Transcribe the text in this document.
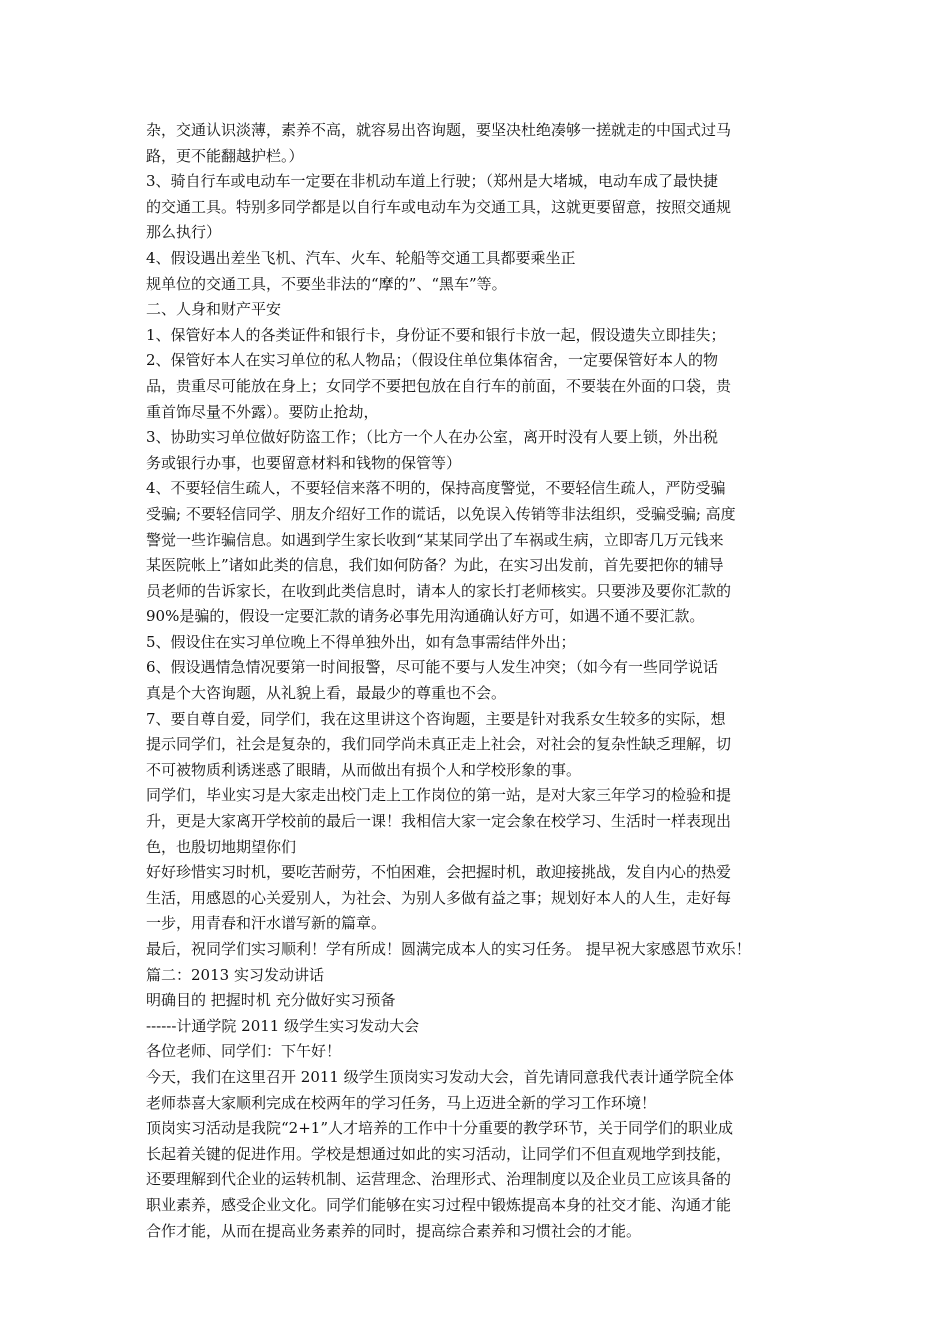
杂，交通认识淡薄，素养不高，就容易出咨询题，要坚决杜绝凑够一搓就走的中国式过马
路，更不能翻越护栏。）
3、骑自行车或电动车一定要在非机动车道上行驶；（郑州是大堵城，电动车成了最快捷
的交通工具。特别多同学都是以自行车或电动车为交通工具，这就更要留意，按照交通规
那么执行）
4、假设遇出差坐飞机、汽车、火车、轮船等交通工具都要乘坐正
规单位的交通工具，不要坐非法的“摩的”、“黑车”等。
二、人身和财产平安
1、保管好本人的各类证件和银行卡，身份证不要和银行卡放一起，假设遗失立即挂失；
2、保管好本人在实习单位的私人物品；（假设住单位集体宿舍，一定要保管好本人的物
品，贵重尽可能放在身上；女同学不要把包放在自行车的前面，不要装在外面的口袋，贵
重首饰尽量不外露）。要防止抢劫，
3、协助实习单位做好防盗工作；（比方一个人在办公室，离开时没有人要上锁，外出税
务或银行办事，也要留意材料和钱物的保管等）
4、不要轻信生疏人，不要轻信来落不明的，保持高度警觉，不要轻信生疏人，严防受骗
受骗; 不要轻信同学、朋友介绍好工作的谎话，以免误入传销等非法组织，受骗受骗; 高度
警觉一些诈骗信息。如遇到学生家长收到“某某同学出了车祸或生病，立即寄几万元钱来
某医院帐上”诸如此类的信息，我们如何防备？为此，在实习出发前，首先要把你的辅导
员老师的告诉家长，在收到此类信息时，请本人的家长打老师核实。只要涉及要你汇款的
90%是骗的，假设一定要汇款的请务必事先用沟通确认好方可，如遇不通不要汇款。
5、假设住在实习单位晚上不得单独外出，如有急事需结伴外出；
6、假设遇情急情况要第一时间报警，尽可能不要与人发生冲突；（如今有一些同学说话
真是个大咨询题，从礼貌上看，最最少的尊重也不会。
7、要自尊自爱，同学们，我在这里讲这个咨询题，主要是针对我系女生较多的实际，想
提示同学们，社会是复杂的，我们同学尚未真正走上社会，对社会的复杂性缺乏理解，切
不可被物质利诱迷惑了眼睛，从而做出有损个人和学校形象的事。
同学们，毕业实习是大家走出校门走上工作岗位的第一站，是对大家三年学习的检验和提
升，更是大家离开学校前的最后一课！我相信大家一定会象在校学习、生活时一样表现出
色，也殷切地期望你们
好好珍惜实习时机，要吃苦耐劳，不怕困难，会把握时机，敢迎接挑战，发自内心的热爱
生活，用感恩的心关爱别人，为社会、为别人多做有益之事；规划好本人的人生，走好每
一步，用青春和汗水谱写新的篇章。
最后，祝同学们实习顺利！学有所成！圆满完成本人的实习任务。 提早祝大家感恩节欢乐！
篇二：2013 实习发动讲话
明确目的 把握时机 充分做好实习预备
------计通学院 2011 级学生实习发动大会
各位老师、同学们：下午好！
今天，我们在这里召开 2011 级学生顶岗实习发动大会，首先请同意我代表计通学院全体
老师恭喜大家顺利完成在校两年的学习任务，马上迈进全新的学习工作环境！
顶岗实习活动是我院“2+1”人才培养的工作中十分重要的教学环节，关于同学们的职业成
长起着关键的促进作用。学校是想通过如此的实习活动，让同学们不但直观地学到技能，
还要理解到代企业的运转机制、运营理念、治理形式、治理制度以及企业员工应该具备的
职业素养，感受企业文化。同学们能够在实习过程中锻炼提高本身的社交才能、沟通才能
合作才能，从而在提高业务素养的同时，提高综合素养和习惯社会的才能。
